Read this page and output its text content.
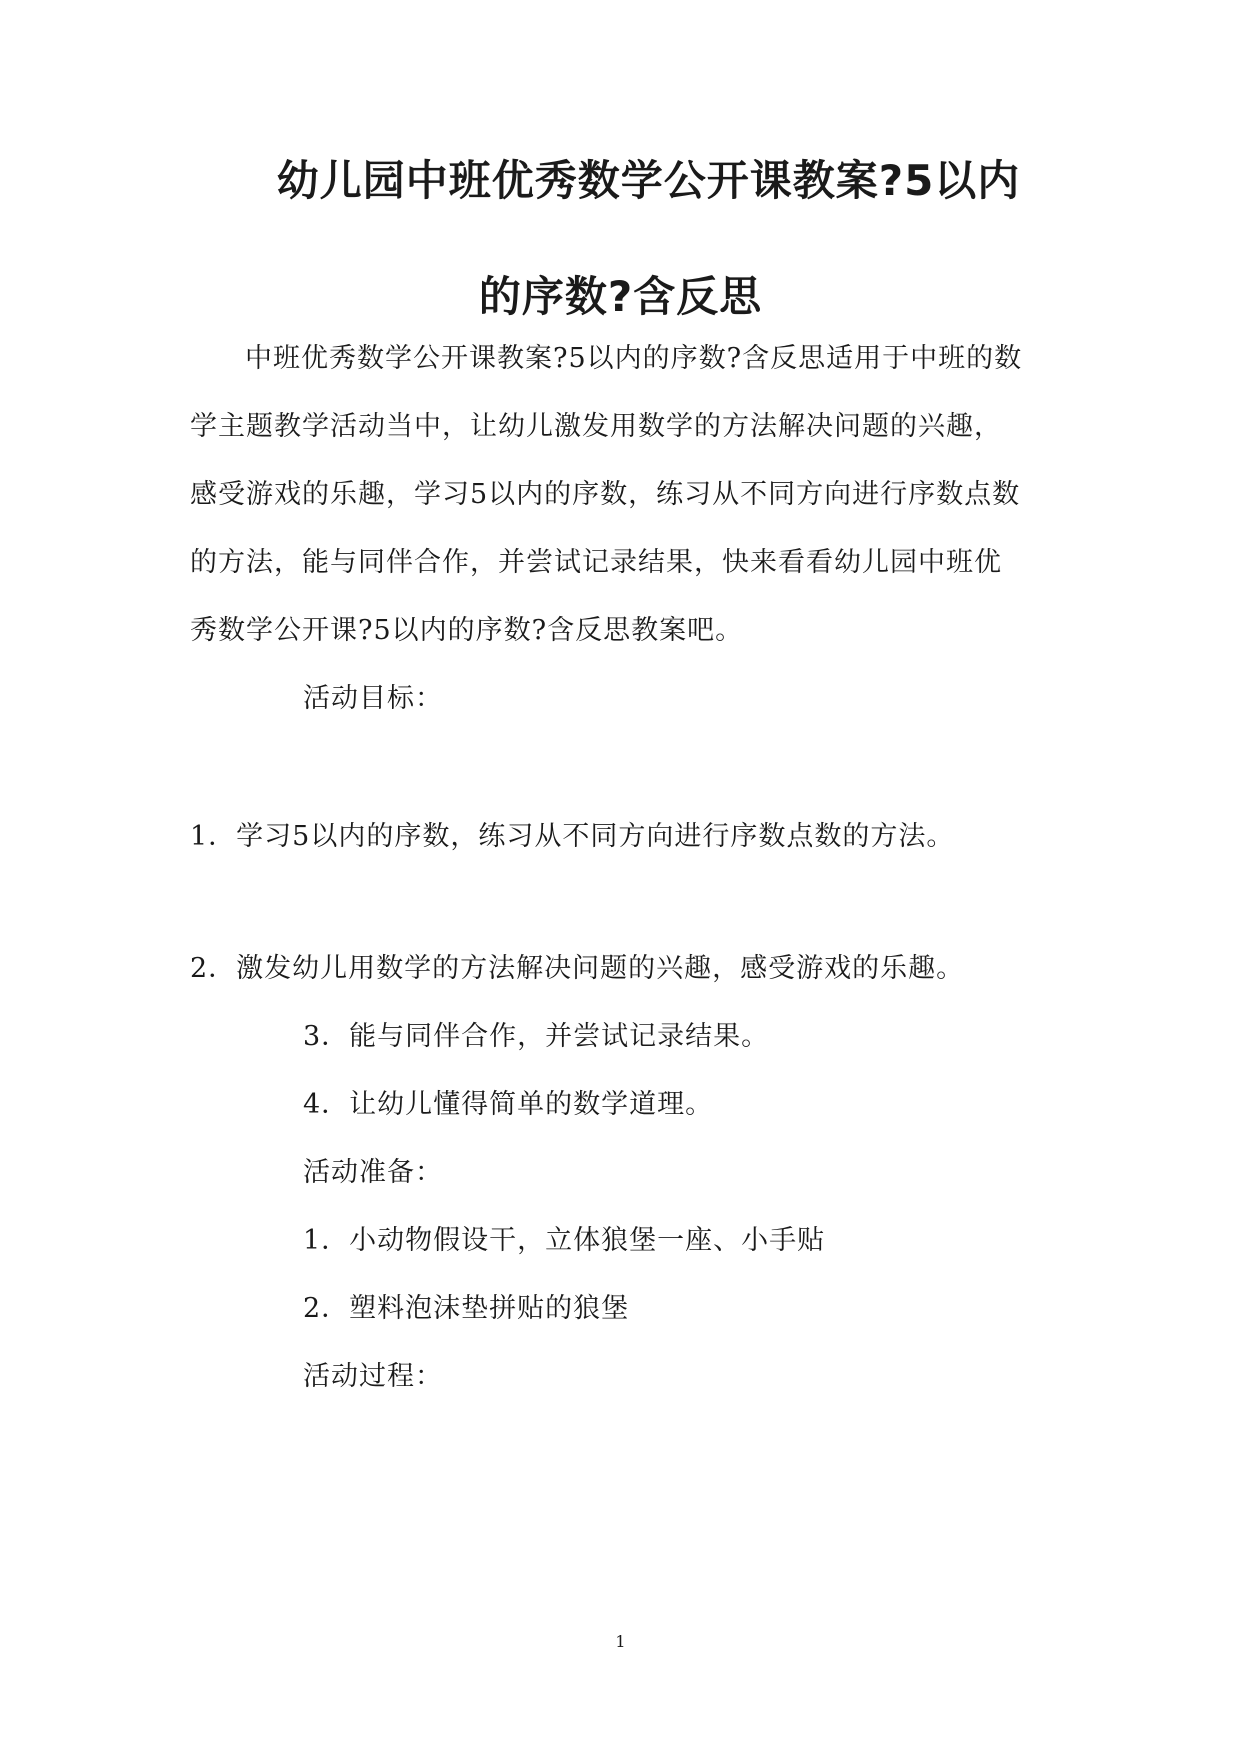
幼儿园中班优秀数学公开课教案?5以内
的序数?含反思
中班优秀数学公开课教案?5以内的序数?含反思适用于中班的数
学主题教学活动当中，让幼儿激发用数学的方法解决问题的兴趣，
感受游戏的乐趣，学习5以内的序数，练习从不同方向进行序数点数
的方法，能与同伴合作，并尝试记录结果，快来看看幼儿园中班优
秀数学公开课?5以内的序数?含反思教案吧。
活动目标：
1．学习5以内的序数，练习从不同方向进行序数点数的方法。
2．激发幼儿用数学的方法解决问题的兴趣，感受游戏的乐趣。
3．能与同伴合作，并尝试记录结果。
4．让幼儿懂得简单的数学道理。
活动准备：
1．小动物假设干，立体狼堡一座、小手贴
2．塑料泡沫垫拼贴的狼堡
活动过程：
1
